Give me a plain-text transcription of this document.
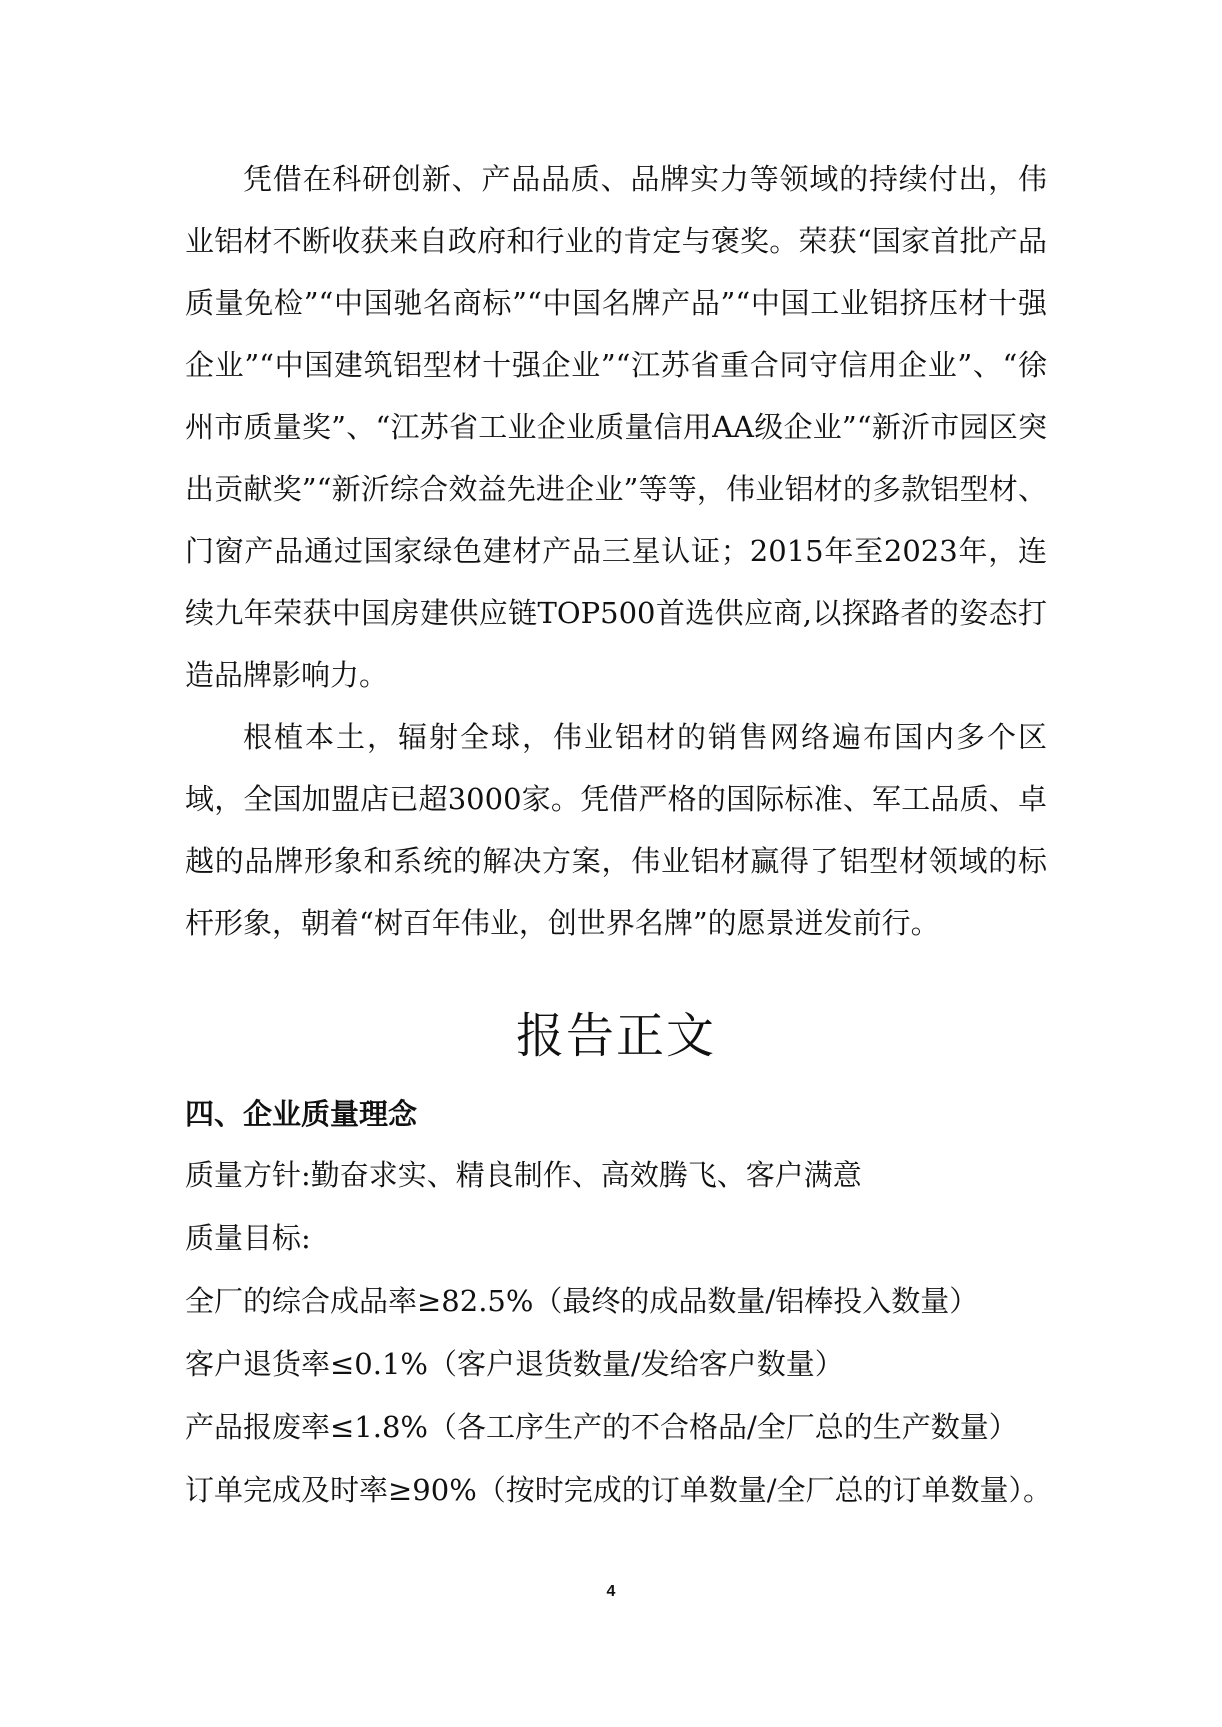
凭借在科研创新、产品品质、品牌实力等领域的持续付出，伟业铝材不断收获来自政府和行业的肯定与褒奖。荣获“国家首批产品质量免检”“中国驰名商标”“中国名牌产品”“中国工业铝挤压材十强企业”“中国建筑铝型材十强企业”“江苏省重合同守信用企业”、“徐州市质量奖”、“江苏省工业企业质量信用AA级企业”“新沂市园区突出贡献奖”“新沂综合效益先进企业”等等，伟业铝材的多款铝型材、门窗产品通过国家绿色建材产品三星认证；2015年至2023年，连续九年荣获中国房建供应链TOP500首选供应商,以探路者的姿态打造品牌影响力。

根植本土，辐射全球，伟业铝材的销售网络遍布国内多个区域，全国加盟店已超3000家。凭借严格的国际标准、军工品质、卓越的品牌形象和系统的解决方案，伟业铝材赢得了铝型材领域的标杆形象，朝着“树百年伟业，创世界名牌”的愿景迸发前行。

报告正文

四、企业质量理念

质量方针:勤奋求实、精良制作、高效腾飞、客户满意

质量目标:

全厂的综合成品率≥82.5%（最终的成品数量/铝棒投入数量）

客户退货率≤0.1%（客户退货数量/发给客户数量）

产品报废率≤1.8%（各工序生产的不合格品/全厂总的生产数量）

订单完成及时率≥90%（按时完成的订单数量/全厂总的订单数量）。

4
